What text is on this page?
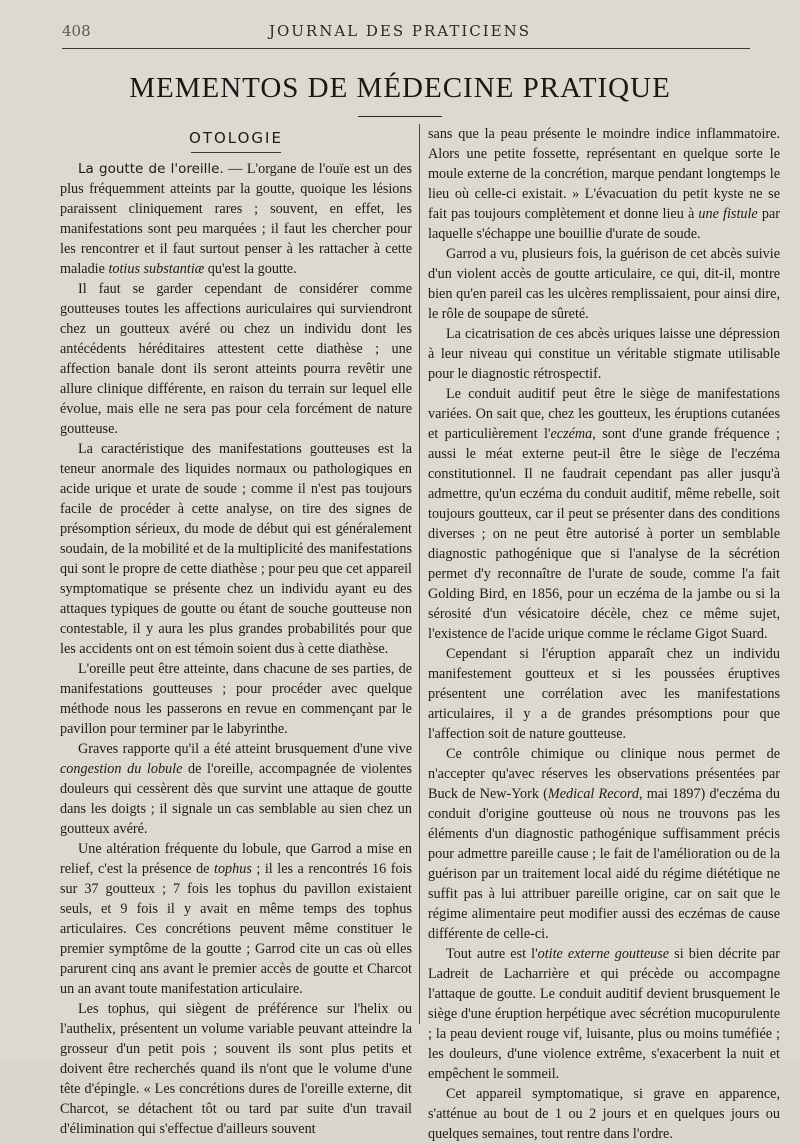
408	JOURNAL DES PRATICIENS
MEMENTOS DE MÉDECINE PRATIQUE
OTOLOGIE

La goutte de l'oreille. — L'organe de l'ouïe est un des plus fréquemment atteints par la goutte, quoique les lésions paraissent cliniquement rares ; souvent, en effet, les manifestations sont peu marquées ; il faut les chercher pour les rencontrer et il faut surtout penser à les rattacher à cette maladie totius substantiæ qu'est la goutte.

Il faut se garder cependant de considérer comme goutteuses toutes les affections auriculaires qui surviendront chez un goutteux avéré ou chez un individu dont les antécédents héréditaires attestent cette diathèse ; une affection banale dont ils seront atteints pourra revêtir une allure clinique différente, en raison du terrain sur lequel elle évolue, mais elle ne sera pas pour cela forcément de nature goutteuse.

La caractéristique des manifestations goutteuses est la teneur anormale des liquides normaux ou pathologiques en acide urique et urate de soude ; comme il n'est pas toujours facile de procéder à cette analyse, on tire des signes de présomption sérieux, du mode de début qui est généralement soudain, de la mobilité et de la multiplicité des manifestations qui sont le propre de cette diathèse ; pour peu que cet appareil symptomatique se présente chez un individu ayant eu des attaques typiques de goutte ou étant de souche goutteuse non contestable, il y aura les plus grandes probabilités pour que les accidents ont on est témoin soient dus à cette diathèse.

L'oreille peut être atteinte, dans chacune de ses parties, de manifestations goutteuses ; pour procéder avec quelque méthode nous les passerons en revue en commençant par le pavillon pour terminer par le labyrinthe.

Graves rapporte qu'il a été atteint brusquement d'une vive congestion du lobule de l'oreille, accompagnée de violentes douleurs qui cessèrent dès que survint une attaque de goutte dans les doigts ; il signale un cas semblable au sien chez un goutteux avéré.

Une altération fréquente du lobule, que Garrod a mise en relief, c'est la présence de tophus ; il les a rencontrés 16 fois sur 37 goutteux ; 7 fois les tophus du pavillon existaient seuls, et 9 fois il y avait en même temps des tophus articulaires. Ces concrétions peuvent même constituer le premier symptôme de la goutte ; Garrod cite un cas où elles parurent cinq ans avant le premier accès de goutte et Charcot un an avant toute manifestation articulaire.

Les tophus, qui siègent de préférence sur l'helix ou l'authelix, présentent un volume variable peuvant atteindre la grosseur d'un petit pois ; souvent ils sont plus petits et doivent être recherchés quand ils n'ont que le volume d'une tête d'épingle. « Les concrétions dures de l'oreille externe, dit Charcot, se détachent tôt ou tard par suite d'un travail d'élimination qui s'effectue d'ailleurs souvent

sans que la peau présente le moindre indice inflammatoire. Alors une petite fossette, représentant en quelque sorte le moule externe de la concrétion, marque pendant longtemps le lieu où celle-ci existait. » L'évacuation du petit kyste ne se fait pas toujours complètement et donne lieu à une fistule par laquelle s'échappe une bouillie d'urate de soude.

Garrod a vu, plusieurs fois, la guérison de cet abcès suivie d'un violent accès de goutte articulaire, ce qui, dit-il, montre bien qu'en pareil cas les ulcères remplissaient, pour ainsi dire, le rôle de soupape de sûreté.

La cicatrisation de ces abcès uriques laisse une dépression à leur niveau qui constitue un véritable stigmate utilisable pour le diagnostic rétrospectif.

Le conduit auditif peut être le siège de manifestations variées. On sait que, chez les goutteux, les éruptions cutanées et particulièrement l'eczéma, sont d'une grande fréquence ; aussi le méat externe peut-il être le siège de l'eczéma constitutionnel. Il ne faudrait cependant pas aller jusqu'à admettre, qu'un eczéma du conduit auditif, même rebelle, soit toujours goutteux, car il peut se présenter dans des conditions diverses ; on ne peut être autorisé à porter un semblable diagnostic pathogénique que si l'analyse de la sécrétion permet d'y reconnaître de l'urate de soude, comme l'a fait Golding Bird, en 1856, pour un eczéma de la jambe ou si la sérosité d'un vésicatoire décèle, chez ce même sujet, l'existence de l'acide urique comme le réclame Gigot Suard.

Cependant si l'éruption apparaît chez un individu manifestement goutteux et si les poussées éruptives présentent une corrélation avec les manifestations articulaires, il y a de grandes présomptions pour que l'affection soit de nature goutteuse.

Ce contrôle chimique ou clinique nous permet de n'accepter qu'avec réserves les observations présentées par Buck de New-York (Medical Record, mai 1897) d'eczéma du conduit d'origine goutteuse où nous ne trouvons pas les éléments d'un diagnostic pathogénique suffisamment précis pour admettre pareille cause ; le fait de l'amélioration ou de la guérison par un traitement local aidé du régime diététique ne suffit pas à lui attribuer pareille origine, car on sait que le régime alimentaire peut modifier aussi des eczémas de cause différente de celle-ci.

Tout autre est l'otite externe goutteuse si bien décrite par Ladreit de Lacharrière et qui précède ou accompagne l'attaque de goutte. Le conduit auditif devient brusquement le siège d'une éruption herpétique avec sécrétion mucopurulente ; la peau devient rouge vif, luisante, plus ou moins tuméfiée ; les douleurs, d'une violence extrême, s'exacerbent la nuit et empêchent le sommeil.

Cet appareil symptomatique, si grave en apparence, s'atténue au bout de 1 ou 2 jours et en quelques jours ou quelques semaines, tout rentre dans l'ordre.
